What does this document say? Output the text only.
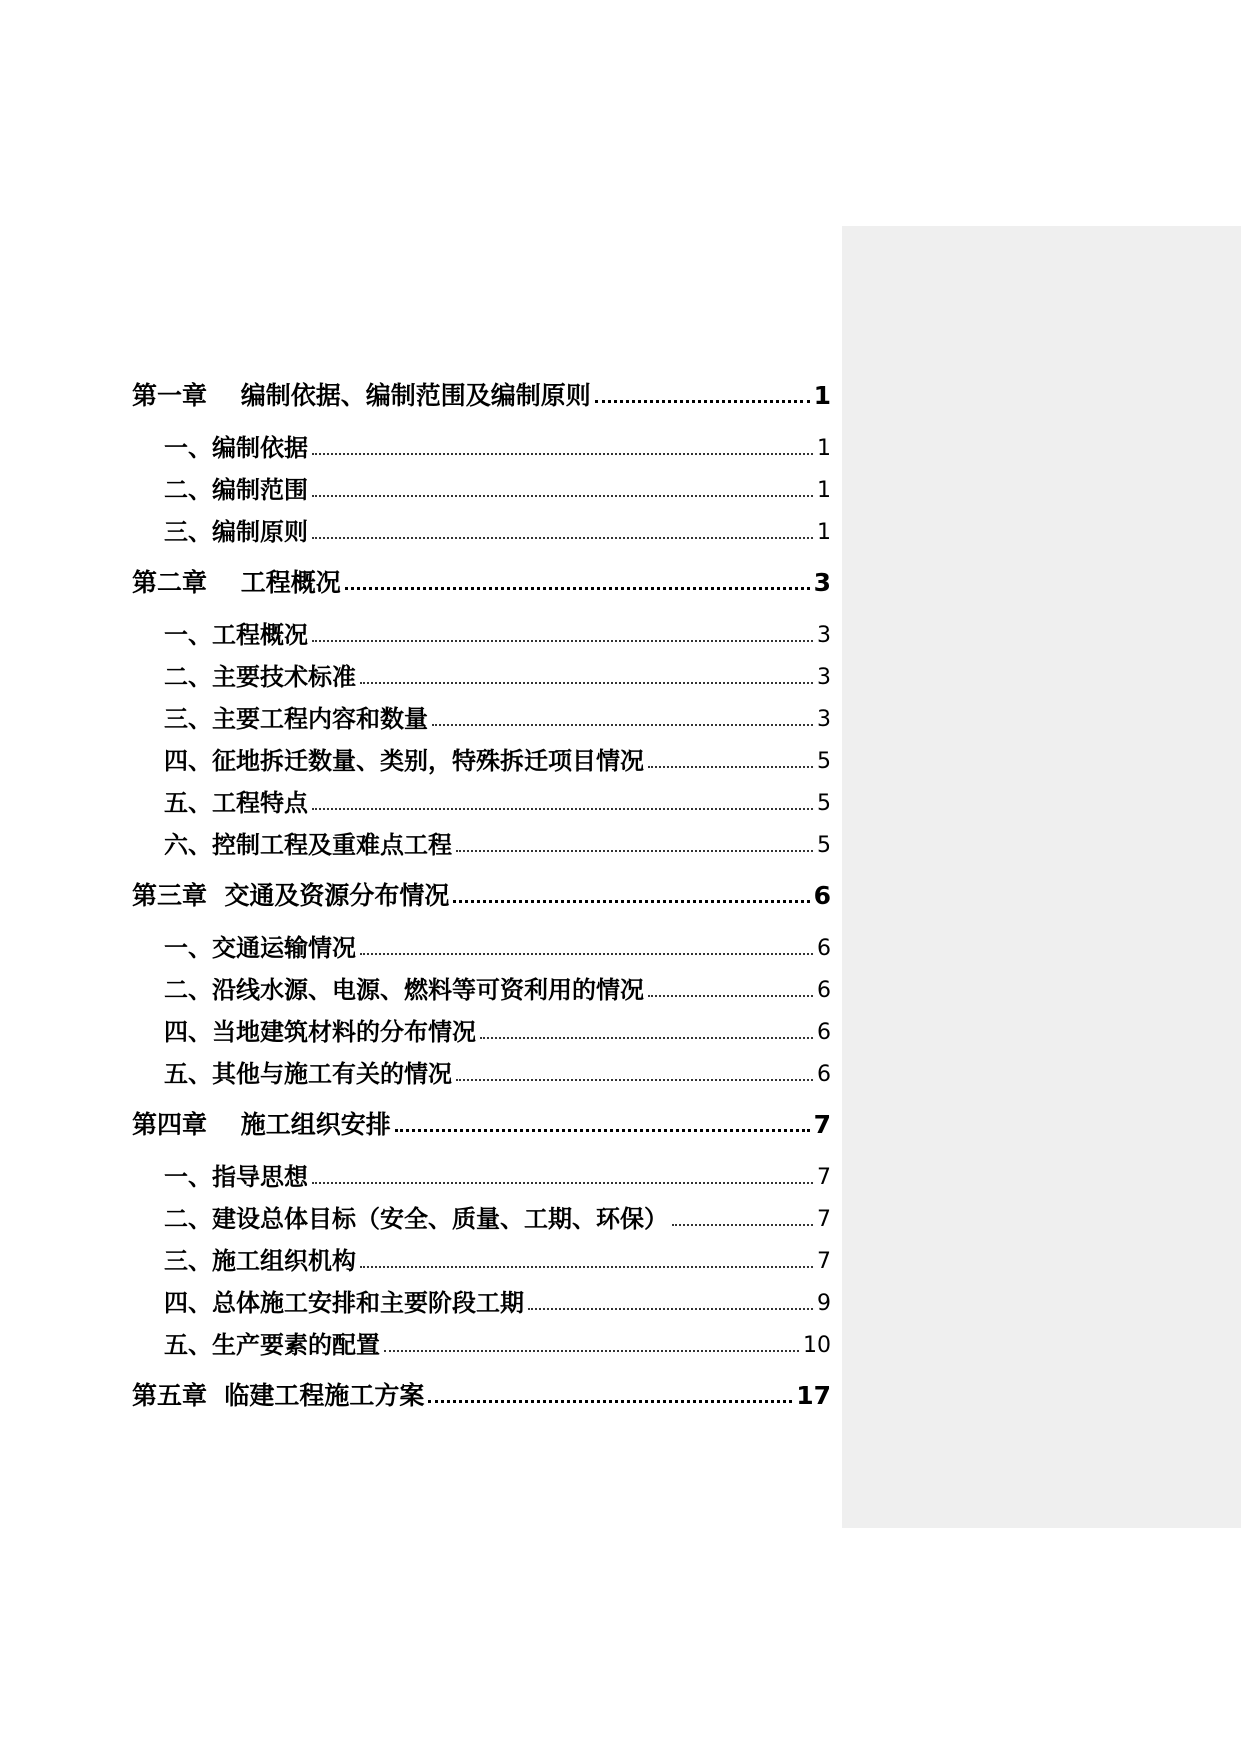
第一章　 编制依据、编制范围及编制原则	1
一、编制依据	1
二、编制范围	1
三、编制原则	1
第二章　 工程概况	3
一、工程概况	3
二、主要技术标准	3
三、主要工程内容和数量	3
四、征地拆迁数量、类别，特殊拆迁项目情况	5
五、工程特点	5
六、控制工程及重难点工程	5
第三章  交通及资源分布情况	6
一、交通运输情况	6
二、沿线水源、电源、燃料等可资利用的情况	6
四、当地建筑材料的分布情况	6
五、其他与施工有关的情况	6
第四章　 施工组织安排	7
一、指导思想	7
二、建设总体目标（安全、质量、工期、环保）	7
三、施工组织机构	7
四、总体施工安排和主要阶段工期	9
五、生产要素的配置	10
第五章  临建工程施工方案	17
